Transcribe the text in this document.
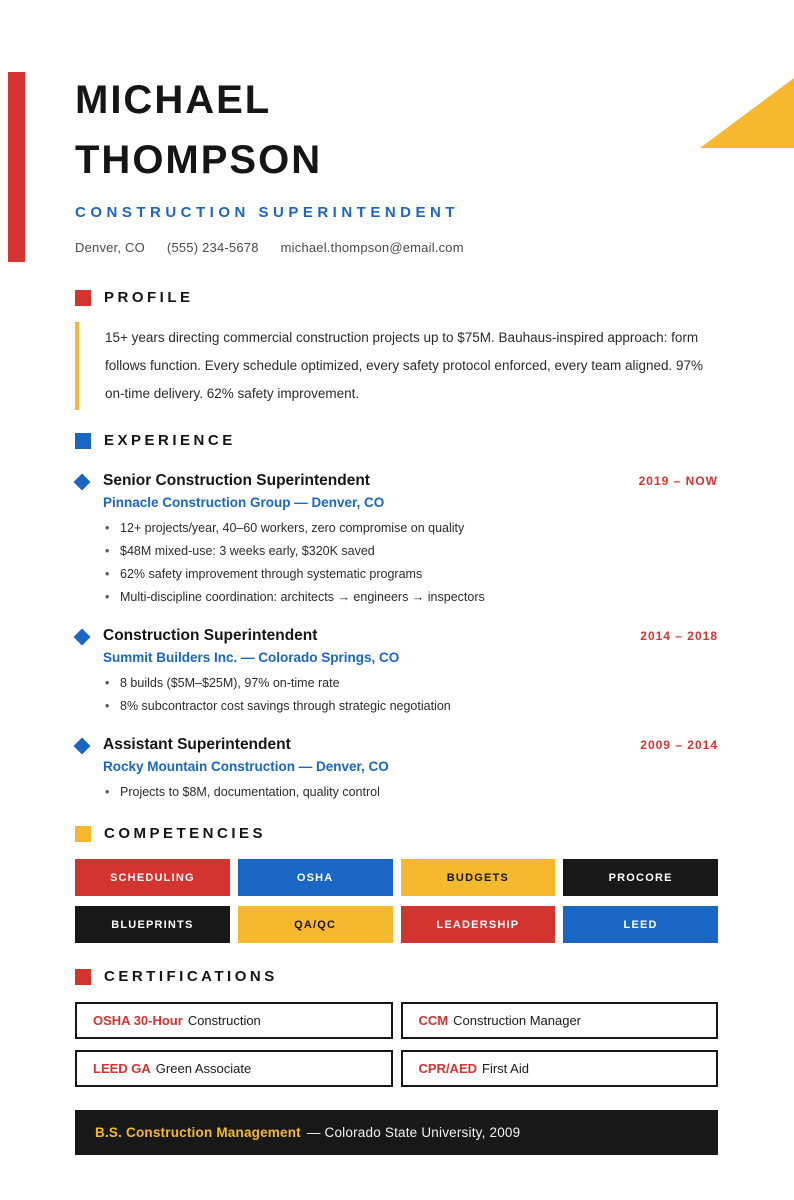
MICHAEL THOMPSON
CONSTRUCTION SUPERINTENDENT
Denver, CO (555) 234-5678 michael.thompson@email.com
PROFILE
15+ years directing commercial construction projects up to $75M. Bauhaus-inspired approach: form follows function. Every schedule optimized, every safety protocol enforced, every team aligned. 97% on-time delivery. 62% safety improvement.
EXPERIENCE
Senior Construction Superintendent	2019 – NOW
Pinnacle Construction Group — Denver, CO
• 12+ projects/year, 40–60 workers, zero compromise on quality
• $48M mixed-use: 3 weeks early, $320K saved
• 62% safety improvement through systematic programs
• Multi-discipline coordination: architects → engineers → inspectors
Construction Superintendent	2014 – 2018
Summit Builders Inc. — Colorado Springs, CO
• 8 builds ($5M–$25M), 97% on-time rate
• 8% subcontractor cost savings through strategic negotiation
Assistant Superintendent	2009 – 2014
Rocky Mountain Construction — Denver, CO
• Projects to $8M, documentation, quality control
COMPETENCIES
SCHEDULING	OSHA	BUDGETS	PROCORE
BLUEPRINTS	QA/QC	LEADERSHIP	LEED
CERTIFICATIONS
OSHA 30-Hour Construction	CCM Construction Manager
LEED GA Green Associate	CPR/AED First Aid
B.S. Construction Management — Colorado State University, 2009
